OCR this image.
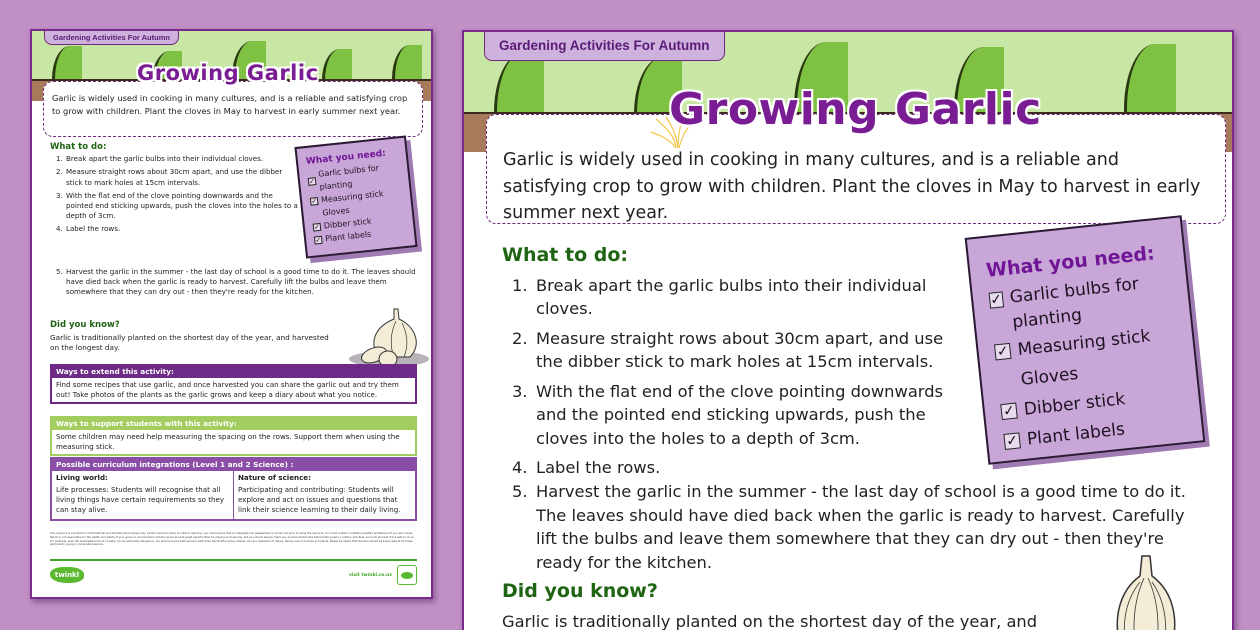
Gardening Activities For Autumn
Garlic is widely used in cooking in many cultures, and is a reliable and satisfying crop to grow with children. Plant the cloves in May to harvest in early summer next year.
Growing Garlic
What to do:
1. Break apart the garlic bulbs into their individual cloves.
2. Measure straight rows about 30cm apart, and use the dibber stick to mark holes at 15cm intervals.
3. With the flat end of the clove pointing downwards and the pointed end sticking upwards, push the cloves into the holes to a depth of 3cm.
4. Label the rows.
5. Harvest the garlic in the summer - the last day of school is a good time to do it. The leaves should have died back when the garlic is ready to harvest. Carefully lift the bulbs and leave them somewhere that they can dry out - then they're ready for the kitchen.
What you need:
✓
Garlic bulbs for planting
✓ Measuring stick
Gloves
✓ Dibber stick
✓ Plant labels
Did you know?
Garlic is traditionally planted on the shortest day of the year, and harvested on the longest day.
Ways to extend this activity:
Find some recipes that use garlic, and once harvested you can share the garlic out and try them out! Take photos of the plants as the garlic grows and keep a diary about what you notice.
Ways to support students with this activity:
Some children may need help measuring the spacing on the rows. Support them when using the measuring stick.
Possible curriculum integrations (Level 1 and 2 Science) :
Living world:
Life processes: Students will recognise that all living things have certain requirements so they can stay alive.
Nature of science:
Participating and contributing: Students will explore and act on issues and questions that link their science learning to their daily living.
This resource is provided for informational and educational purposes only. As this resource refers to outdoor learning, you must ensure that an adequate risk assessment is carried out prior to using the resource. You must contact a suitably qualified professional if you are unsure. Twinkl is not responsible for the health and safety of your group or environment. Outdoor areas provide great opportunities for playing and learning, but you should always check any environmental risks before taking part in outdoor activities, and only proceed if it is safe to do so. For example, even the shallowest amount of water can be extremely dangerous. You should ensure that learners wash their hands after being outside, and are respectful of nature, taking care of animals and plants. Please be aware that learners should be supervised at all times, particularly young or vulnerable learners.
twinkl	visit twinkl.co.nz
Gardening Activities For Autumn
Garlic is widely used in cooking in many cultures, and is a reliable and satisfying crop to grow with children. Plant the cloves in May to harvest in early summer next year.
Growing Garlic
What to do:
1. Break apart the garlic bulbs into their individual cloves.
2. Measure straight rows about 30cm apart, and use the dibber stick to mark holes at 15cm intervals.
3. With the flat end of the clove pointing downwards and the pointed end sticking upwards, push the cloves into the holes to a depth of 3cm.
4. Label the rows.
5. Harvest the garlic in the summer - the last day of school is a good time to do it. The leaves should have died back when the garlic is ready to harvest. Carefully lift the bulbs and leave them somewhere that they can dry out - then they're ready for the kitchen.
What you need:
✓ Garlic bulbs for planting
✓ Measuring stick
Gloves
✓ Dibber stick
✓ Plant labels
Did you know?
Garlic is traditionally planted on the shortest day of the year, and
